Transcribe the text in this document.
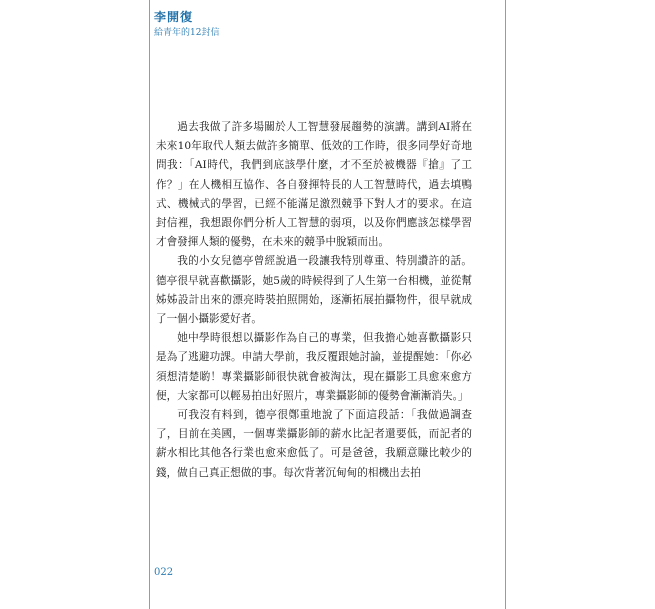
李開復
給青年的12封信

過去我做了許多場關於人工智慧發展趨勢的演講。講到AI將在未來10年取代人類去做許多簡單、低效的工作時，很多同學好奇地問我：「AI時代，我們到底該學什麼，才不至於被機器『搶』了工作？」在人機相互協作、各自發揮特長的人工智慧時代，過去填鴨式、機械式的學習，已經不能滿足激烈競爭下對人才的要求。在這封信裡，我想跟你們分析人工智慧的弱項，以及你們應該怎樣學習才會發揮人類的優勢，在未來的競爭中脫穎而出。

我的小女兒德亭曾經說過一段讓我特別尊重、特別讚許的話。德亭很早就喜歡攝影，她5歲的時候得到了人生第一台相機，並從幫姊姊設計出來的漂亮時裝拍照開始，逐漸拓展拍攝物件，很早就成了一個小攝影愛好者。

她中學時很想以攝影作為自己的專業，但我擔心她喜歡攝影只是為了逃避功課。申請大學前，我反覆跟她討論，並提醒她：「你必須想清楚喲！專業攝影師很快就會被淘汰，現在攝影工具愈來愈方便，大家都可以輕易拍出好照片，專業攝影師的優勢會漸漸消失。」

可我沒有料到，德亭很鄭重地說了下面這段話：「我做過調查了，目前在美國，一個專業攝影師的薪水比記者還要低，而記者的薪水相比其他各行業也愈來愈低了。可是爸爸，我願意賺比較少的錢，做自己真正想做的事。每次背著沉甸甸的相機出去拍

022
